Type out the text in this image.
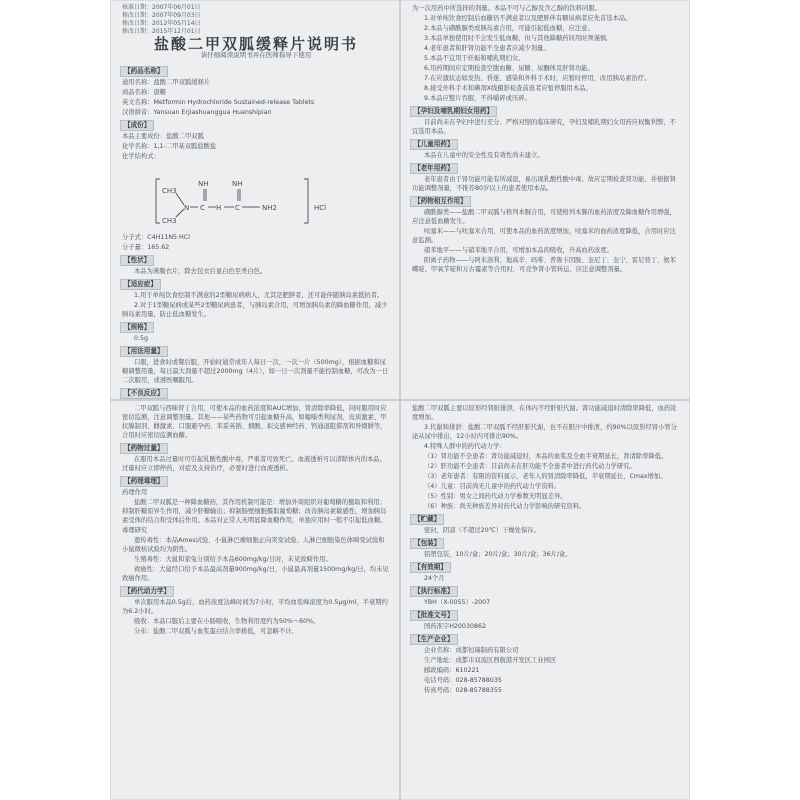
核准日期：2007年06月01日
修改日期：2007年09月03日
修改日期：2012年05月14日
修改日期：2015年12月01日
盐酸二甲双胍缓释片说明书
请仔细阅读说明书并在医师指导下使用
【药品名称】

通用名称：盐酸二甲双胍缓释片

商品名称：唐糖

英文名称：Metformin Hydrochloride Sustained-release Tablets

汉语拼音：Yansuan Erjiashuanggua Huanshipian

【成份】

本品主要成份：盐酸二甲双胍

化学名称：1,1-二甲基双胍盐酸盐

化学结构式：

NH	NH
CH3
CH3
N C H C	NH2	HCl

分子式：C4H11N5·HCl

分子量：165.62

【性状】

本品为薄膜衣片，除去包衣后显白色至类白色。

【适应症】

1.用于单纯饮食控制不满意的2型糖尿病病人，尤其是肥胖者，还可能伴随胰岛素抵抗者。

2.对于1型糖尿病或某些2型糖尿病患者，与胰岛素合用，可增加胰岛素的降血糖作用，减少胰岛素用量，防止低血糖发生。

【规格】

0.5g

【用法用量】

口服，进食时或餐后服，开始时通常成年人每日一次，一次一片（500mg），根据血糖和尿糖调整用量，每日最大剂量不超过2000mg（4片），如一日一次剂量不能控制血糖，可改为一日二次服用，或遵医嘱服用。

【不良反应】

为一次用药中所选择的剂量。本品不可与乙醇及含乙醇的饮料同服。

1.对单纯饮食控制后血糖仍不满意者以及肥胖伴有糖尿病者应先首选本品。

2.本品与磺酰脲类或胰岛素合用，可能引起低血糖，应注意。

3.本品单独使用时不会发生低血糖，但与其他降糖药同用时须谨慎。

4.老年患者和肝肾功能不全患者应减少剂量。

5.本品不宜用于妊娠和哺乳期妇女。

6.用药期间应定期检查空腹血糖、尿糖、尿酮体及肝肾功能。

7.在应激状态如发热、昏迷、感染和外科手术时，应暂时停用，改用胰岛素治疗。

8.接受外科手术和碘剂X线摄影检查前患者应暂停服用本品。

9.本品应整片吞服，不得嚼碎或压碎。

【孕妇及哺乳期妇女用药】

目前尚未在孕妇中进行充分、严格对照的临床研究，孕妇及哺乳期妇女用药应权衡利弊，不宜选用本品。

【儿童用药】

本品在儿童中的安全性及有效性尚未建立。

【老年用药】

老年患者由于肾功能可能有所减退，易出现乳酸性酸中毒，故应定期检查肾功能，并根据肾功能调整剂量，不推荐80岁以上的患者使用本品。

【药物相互作用】

磺酰脲类——盐酸二甲双胍与格列本脲合用，可使格列本脲的血药浓度及降血糖作用增强，应注意低血糖发生。

呋塞米——与呋塞米合用，可使本品的血药浓度增加，呋塞米的血药浓度降低，合用时应注意监测。

硝苯地平——与硝苯地平合用，可增加本品的吸收，升高血药浓度。

阳离子药物——与阿米洛利、地高辛、吗啡、普鲁卡因胺、奎尼丁、奎宁、雷尼替丁、氨苯蝶啶、甲氧苄啶和万古霉素等合用时，可竞争肾小管转运，应注意调整剂量。

二甲双胍与西咪替丁合用，可使本品的血药浓度和AUC增加，肾清除率降低，同时服用时应密切监测，注意调整剂量。其他——某些药物可引起血糖升高，如噻嗪类利尿剂、皮质激素、甲状腺制剂、雌激素、口服避孕药、苯妥英钠、烟酸、拟交感神经药、钙通道阻滞剂和异烟肼等，合用时应密切监测血糖。

【药物过量】

在服用本品过量时可引起乳酸性酸中毒，严重者可致死亡。血液透析可以清除体内的本品。过量时应立即停药，对症及支持治疗，必要时进行血液透析。

【药理毒理】

药理作用

盐酸二甲双胍是一种降血糖药，其作用机制可能是：增加外周组织对葡萄糖的摄取和利用；抑制肝糖原异生作用，减少肝糖输出；抑制肠壁细胞摄取葡萄糖；改善胰岛素敏感性，增加胰岛素受体的结合和受体后作用。本品对正常人无明显降血糖作用，单独应用时一般不引起低血糖。

毒理研究

遗传毒性：本品Ames试验、小鼠淋巴瘤细胞正向突变试验、人淋巴细胞染色体畸变试验和小鼠微核试验均为阴性。

生殖毒性：大鼠和家兔分别给予本品600mg/kg/日时，未见致畸作用。

致癌性：大鼠经口给予本品最高剂量900mg/kg/日，小鼠最高剂量1500mg/kg/日，均未见致癌作用。

【药代动力学】

单次服用本品0.5g后，血药浓度达峰时间为7小时，平均血浆峰浓度为0.5µg/ml，半衰期约为6.2小时。

吸收：本品口服后主要在小肠吸收，生物利用度约为50%～60%。

分布：盐酸二甲双胍与血浆蛋白结合率极低，可忽略不计。

盐酸二甲双胍主要以原形经肾脏排泄，在体内不经肝脏代谢。肾功能减退时清除率降低，血药浓度增加。

3.代谢和排泄：盐酸二甲双胍不经肝脏代谢，也不在胆汁中排泄，约90%以原形经肾小管分泌从尿中排出，12小时内可排出90%。

4.特殊人群中的药代动力学：

（1）肾功能不全患者：肾功能减退时，本品的血浆及全血半衰期延长，肾清除率降低。

（2）肝功能不全患者：目前尚未在肝功能不全患者中进行药代动力学研究。

（3）老年患者：有限的资料显示，老年人的肾清除率降低，半衰期延长，Cmax增加。

（4）儿童：目前尚无儿童中的药代动力学资料。

（5）性别：男女之间药代动力学参数无明显差异。

（6）种族：尚无种族差异对药代动力学影响的研究资料。

【贮藏】

密封，阴凉（不超过20℃）干燥处保存。

【包装】

铝塑包装，10片/盒；20片/盒；30片/盒；36片/盒。

【有效期】

24个月

【执行标准】

YBH（X-0055）-2007

【批准文号】

国药准字H20030862

【生产企业】

企业名称：成都恒瑞制药有限公司

生产地址：成都市双流区西航港开发区工业园区

邮政编码：610221

电话号码：028-85788035

传真号码：028-85788355
